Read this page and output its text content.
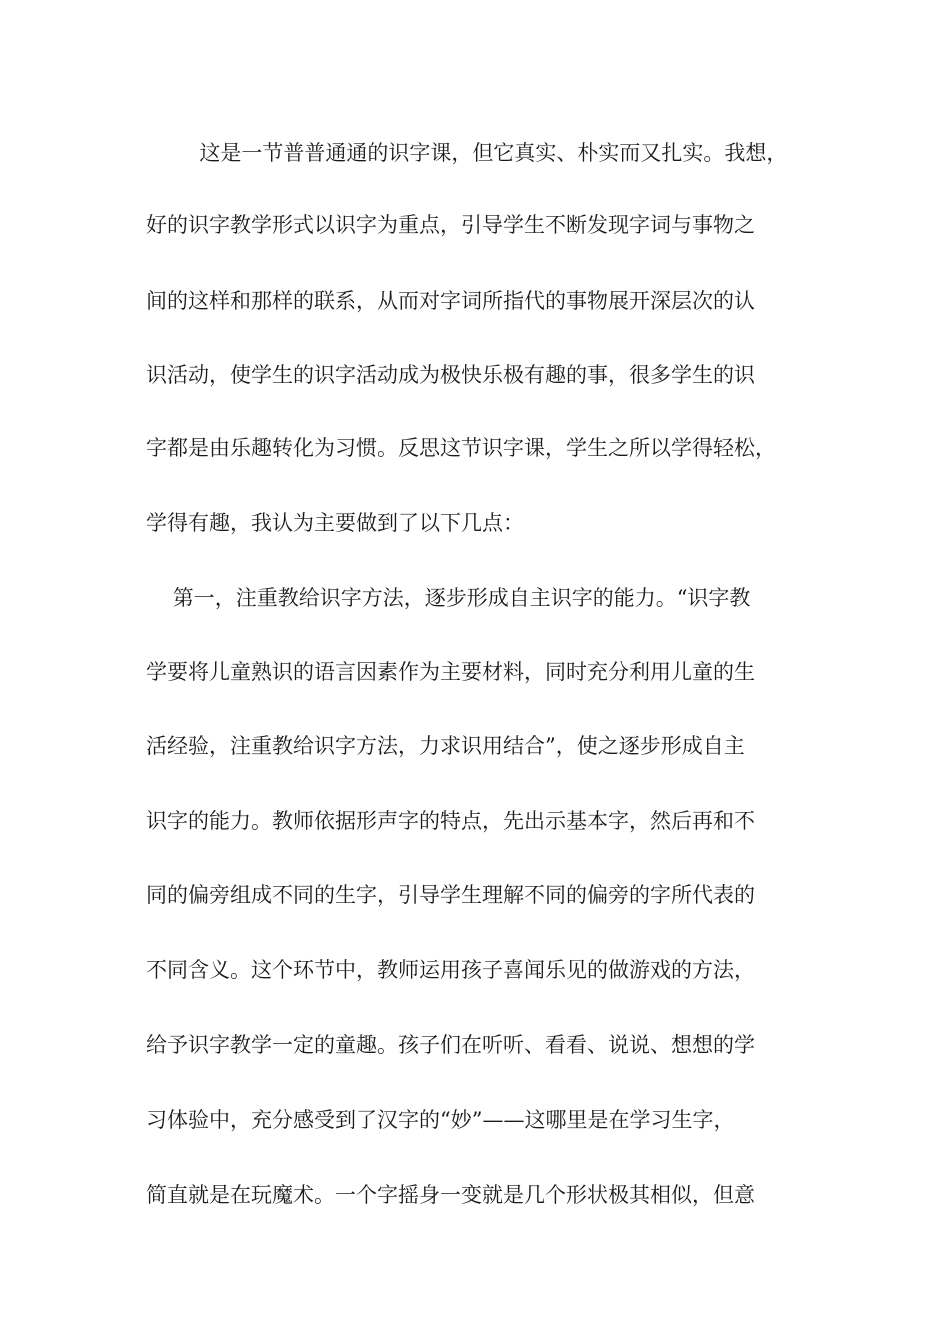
这是一节普普通通的识字课，但它真实、朴实而又扎实。我想，
好的识字教学形式以识字为重点，引导学生不断发现字词与事物之
间的这样和那样的联系，从而对字词所指代的事物展开深层次的认
识活动，使学生的识字活动成为极快乐极有趣的事，很多学生的识
字都是由乐趣转化为习惯。反思这节识字课，学生之所以学得轻松，
学得有趣，我认为主要做到了以下几点：
第一，注重教给识字方法，逐步形成自主识字的能力。“识字教
学要将儿童熟识的语言因素作为主要材料，同时充分利用儿童的生
活经验，注重教给识字方法，力求识用结合”，使之逐步形成自主
识字的能力。教师依据形声字的特点，先出示基本字，然后再和不
同的偏旁组成不同的生字，引导学生理解不同的偏旁的字所代表的
不同含义。这个环节中，教师运用孩子喜闻乐见的做游戏的方法，
给予识字教学一定的童趣。孩子们在听听、看看、说说、想想的学
习体验中，充分感受到了汉字的“妙”——这哪里是在学习生字，
简直就是在玩魔术。一个字摇身一变就是几个形状极其相似，但意
